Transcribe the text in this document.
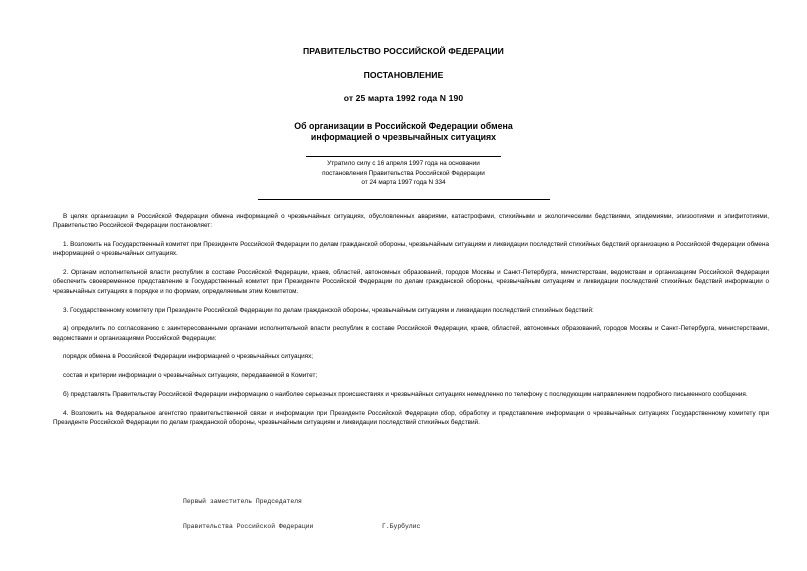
ПРАВИТЕЛЬСТВО РОССИЙСКОЙ ФЕДЕРАЦИИ
ПОСТАНОВЛЕНИЕ
от 25 марта 1992 года N 190
Об организации в Российской Федерации обмена
информацией о чрезвычайных ситуациях
Утратило силу с 16 апреля 1997 года на основании
постановления Правительства Российской Федерации
от 24 марта 1997 года N 334

В целях организации в Российской Федерации обмена информацией о чрезвычайных ситуациях, обусловленных авариями, катастрофами, стихийными и экологическими бедствиями, эпидемиями, эпизоотиями и эпифитотиями, Правительство Российской Федерации постановляет:

1. Возложить на Государственный комитет при Президенте Российской Федерации по делам гражданской обороны, чрезвычайным ситуациям и ликвидации последствий стихийных бедствий организацию в Российской Федерации обмена информацией о чрезвычайных ситуациях.

2. Органам исполнительной власти республик в составе Российской Федерации, краев, областей, автономных образований, городов Москвы и Санкт-Петербурга, министерствам, ведомствам и организациям Российской Федерации обеспечить своевременное представление в Государственный комитет при Президенте Российской Федерации по делам гражданской обороны, чрезвычайным ситуациям и ликвидации последствий стихийных бедствий информации о чрезвычайных ситуациях в порядке и по формам, определяемым этим Комитетом.

3. Государственному комитету при Президенте Российской Федерации по делам гражданской обороны, чрезвычайным ситуациям и ликвидации последствий стихийных бедствий:

а) определить по согласованию с заинтересованными органами исполнительной власти республик в составе Российской Федерации, краев, областей, автономных образований, городов Москвы и Санкт-Петербурга, министерствами, ведомствами и организациями Российской Федерации:

порядок обмена в Российской Федерации информацией о чрезвычайных ситуациях;

состав и критерии информации о чрезвычайных ситуациях, передаваемой в Комитет;

б) представлять Правительству Российской Федерации информацию о наиболее серьезных происшествиях и чрезвычайных ситуациях немедленно по телефону с последующим направлением подробного письменного сообщения.

4. Возложить на Федеральное агентство правительственной связи и информации при Президенте Российской Федерации сбор, обработку и представление информации о чрезвычайных ситуациях Государственному комитету при Президенте Российской Федерации по делам гражданской обороны, чрезвычайным ситуациям и ликвидации последствий стихийных бедствий.

Первый заместитель Председателя

Правительства Российской Федерации	Г.Бурбулис
